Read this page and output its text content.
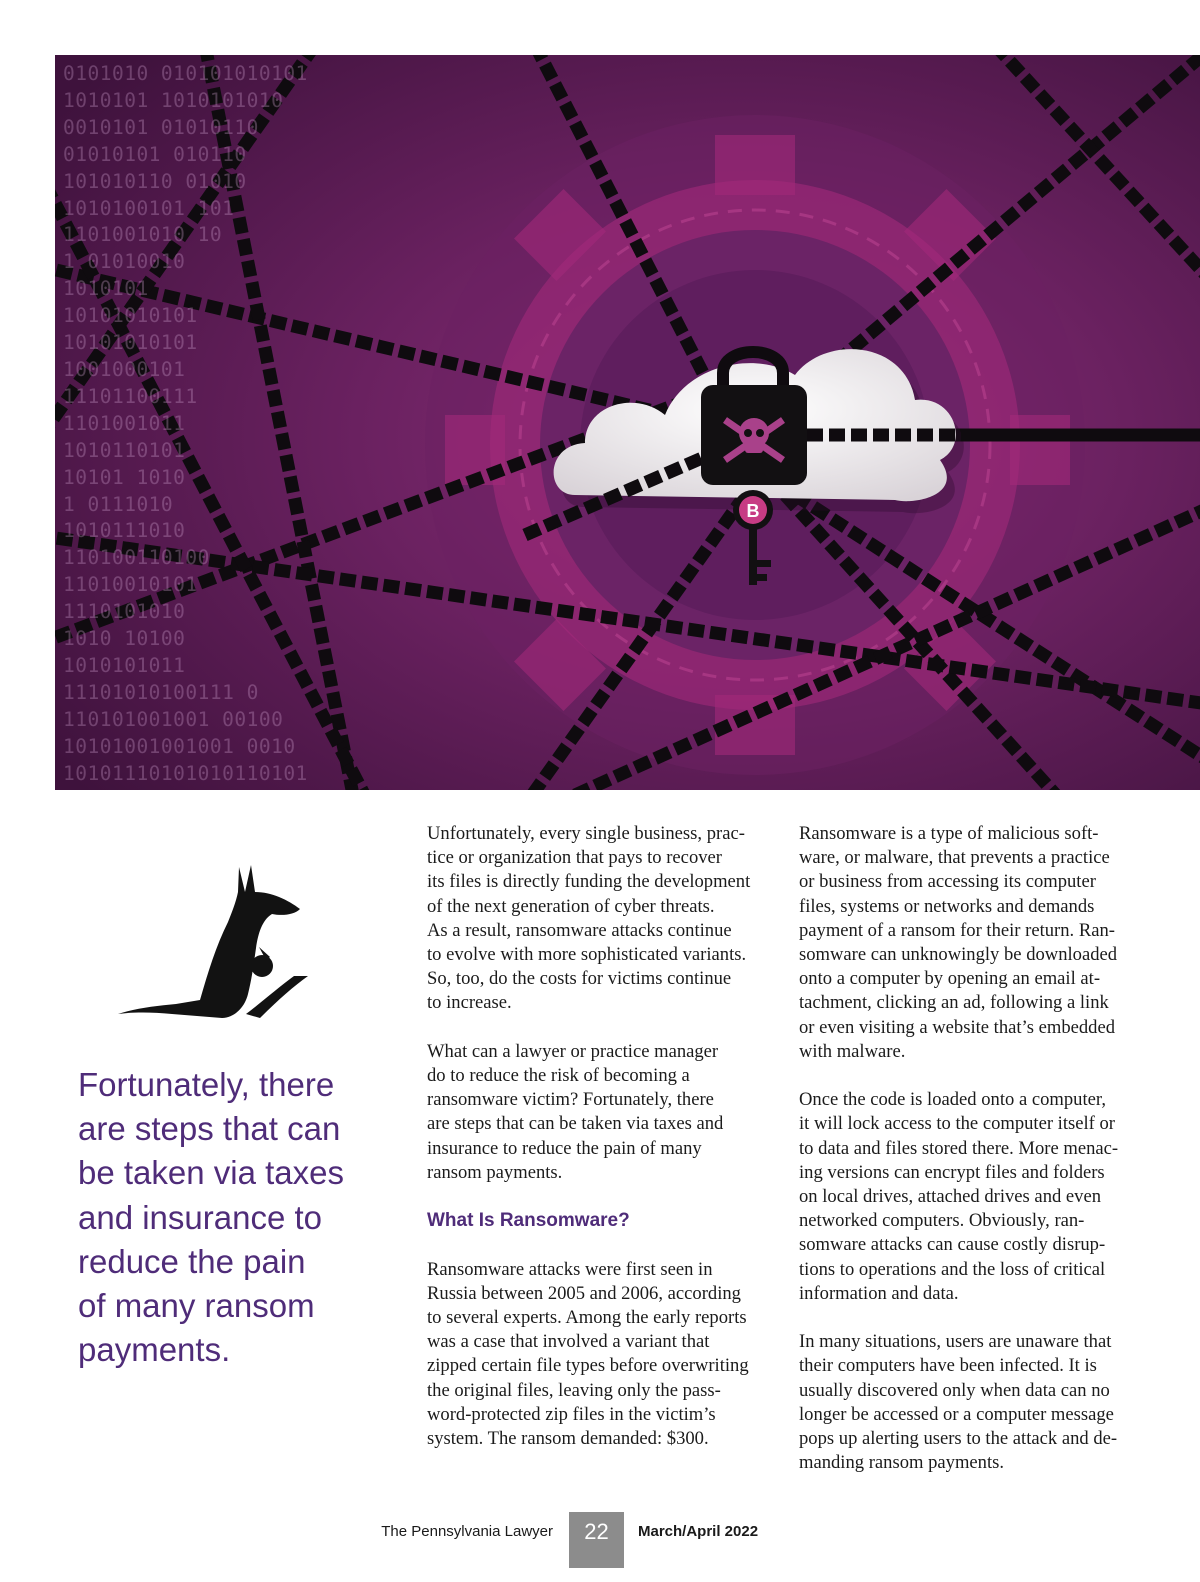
B
0101010 010101010101
1010101 1010101010
0010101 01010110
01010101 010110
101010110 01010
1010100101 101
1101001010 10
1 01010010
1010101
10101010101
10101010101
1001000101
11101100111
1101001011
1010110101
10101 1010
1 0111010
1010111010
110100110100
11010010101
1110101010
1010 10100
1010101011
11101010100111 0
110101001001 00100
10101001001001 0010
10101110101010110101
Fortunately, there
are steps that can
be taken via taxes
and insurance to
reduce the pain
of many ransom
payments.

Unfortunately, every single business, prac-
tice or organization that pays to recover
its files is directly funding the development
of the next generation of cyber threats.
As a result, ransomware attacks continue
to evolve with more sophisticated variants.
So, too, do the costs for victims continue
to increase.

What can a lawyer or practice manager
do to reduce the risk of becoming a
ransomware victim? Fortunately, there
are steps that can be taken via taxes and
insurance to reduce the pain of many
ransom payments.

What Is Ransomware?

Ransomware attacks were first seen in
Russia between 2005 and 2006, according
to several experts. Among the early reports
was a case that involved a variant that
zipped certain file types before overwriting
the original files, leaving only the pass-
word-protected zip files in the victim’s
system. The ransom demanded: $300.

Ransomware is a type of malicious soft-
ware, or malware, that prevents a practice
or business from accessing its computer
files, systems or networks and demands
payment of a ransom for their return. Ran-
somware can unknowingly be downloaded
onto a computer by opening an email at-
tachment, clicking an ad, following a link
or even visiting a website that’s embedded
with malware.

Once the code is loaded onto a computer,
it will lock access to the computer itself or
to data and files stored there. More menac-
ing versions can encrypt files and folders
on local drives, attached drives and even
networked computers. Obviously, ran-
somware attacks can cause costly disrup-
tions to operations and the loss of critical
information and data.

In many situations, users are unaware that
their computers have been infected. It is
usually discovered only when data can no
longer be accessed or a computer message
pops up alerting users to the attack and de-
manding ransom payments.

The Pennsylvania Lawyer	22	March/April 2022
